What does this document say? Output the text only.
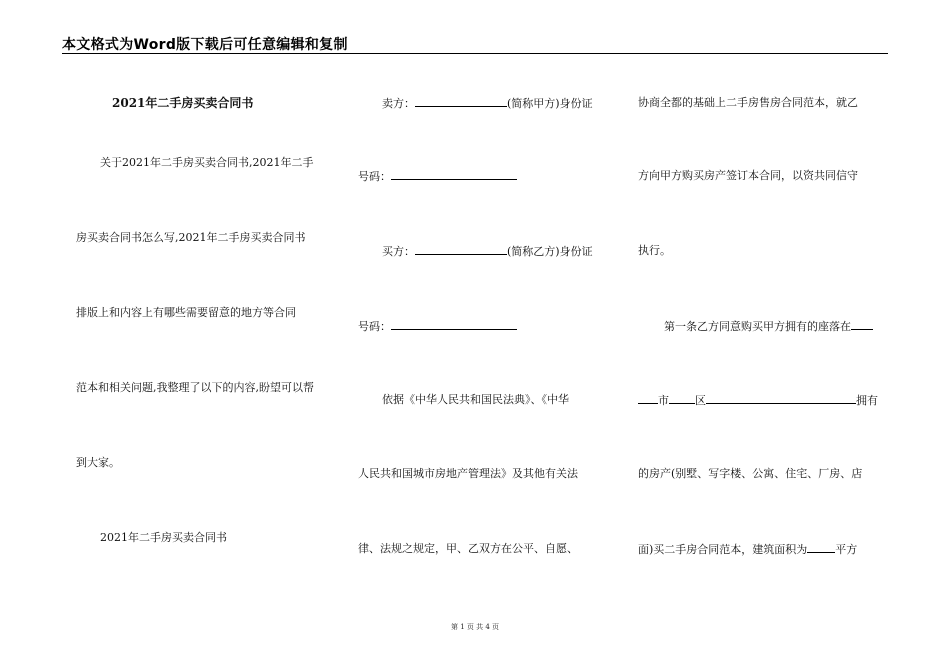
本文格式为Word版下载后可任意编辑和复制
2021年二手房买卖合同书
关于2021年二手房买卖合同书,2021年二手
房买卖合同书怎么写,2021年二手房买卖合同书
排版上和内容上有哪些需要留意的地方等合同
范本和相关问题,我整理了以下的内容,盼望可以帮
到大家。
2021年二手房买卖合同书
卖方：	(简称甲方)身份证
号码：
买方：	(简称乙方)身份证
号码：
依据《中华人民共和国民法典》、《中华
人民共和国城市房地产管理法》及其他有关法
律、法规之规定，甲、乙双方在公平、自愿、
协商全都的基础上二手房售房合同范本，就乙
方向甲方购买房产签订本合同，以资共同信守
执行。
第一条乙方同意购买甲方拥有的座落在
市 区	拥有
的房产(别墅、写字楼、公寓、住宅、厂房、店
面)买二手房合同范本，建筑面积为	平方
第 1 页 共 4 页
